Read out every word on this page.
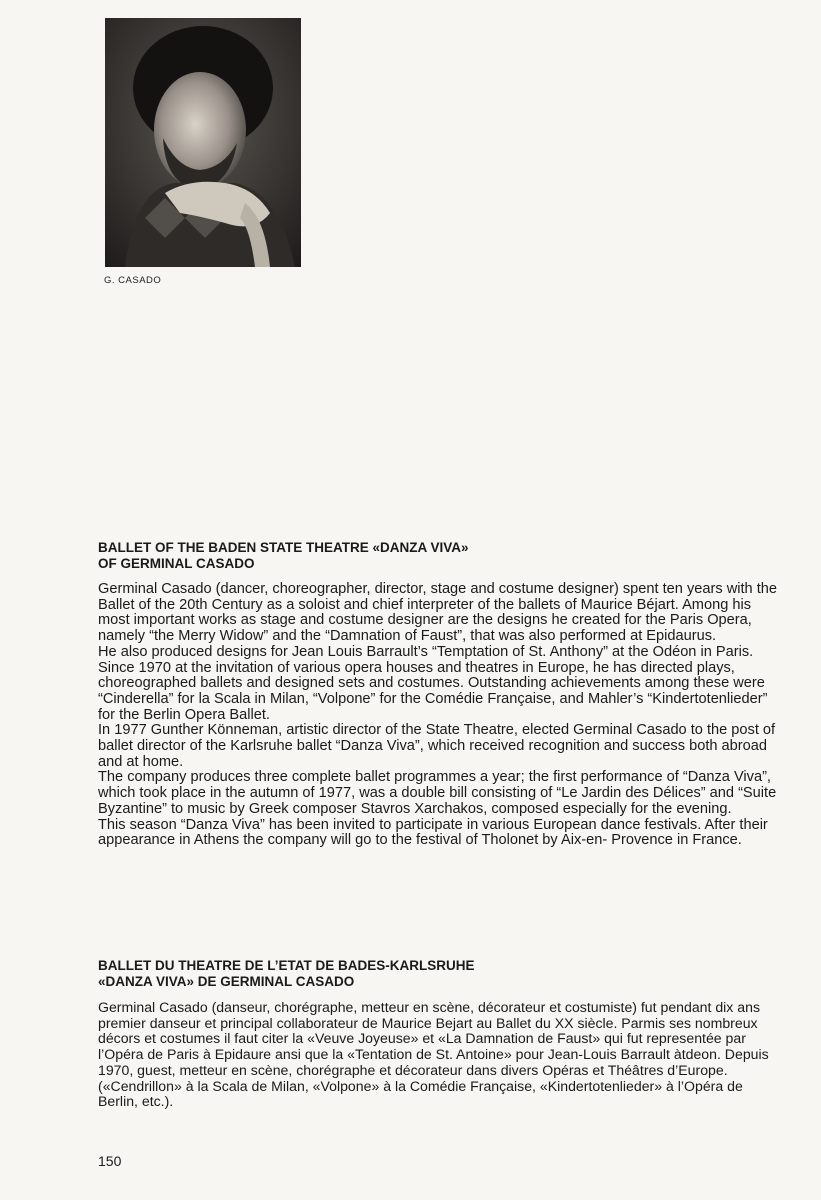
G. CASADO
BALLET OF THE BADEN STATE THEATRE «DANZA VIVA»
OF GERMINAL CASADO

Germinal Casado (dancer, choreographer, director, stage and costume designer) spent ten years with the Ballet of the 20th Century as a soloist and chief interpreter of the ballets of Maurice Béjart. Among his most important works as stage and costume designer are the designs he created for the Paris Opera, namely “the Merry Widow” and the “Damnation of Faust”, that was also performed at Epidaurus.

He also produced designs for Jean Louis Barrault’s “Temptation of St. Anthony” at the Odéon in Paris.

Since 1970 at the invitation of various opera houses and theatres in Europe, he has directed plays, choreographed ballets and designed sets and costumes. Outstanding achievements among these were “Cinderella” for la Scala in Milan, “Volpone” for the Comédie Française, and Mahler’s “Kindertotenlieder” for the Berlin Opera Ballet.

In 1977 Gunther Könneman, artistic director of the State Theatre, elected Germinal Casado to the post of ballet director of the Karlsruhe ballet “Danza Viva”, which received recognition and success both abroad and at home.

The company produces three complete ballet programmes a year; the first performance of “Danza Viva”, which took place in the autumn of 1977, was a double bill consisting of “Le Jardin des Délices” and “Suite Byzantine” to music by Greek composer Stavros Xarchakos, composed especially for the evening.

This season “Danza Viva” has been invited to participate in various European dance festivals. After their appearance in Athens the company will go to the festival of Tholonet by Aix-en- Provence in France.

BALLET DU THEATRE DE L’ETAT DE BADES-KARLSRUHE
«DANZA VIVA» DE GERMINAL CASADO

Germinal Casado (danseur, chorégraphe, metteur en scène, décorateur et costumiste) fut pendant dix ans premier danseur et principal collaborateur de Maurice Bejart au Ballet du XX siècle. Parmis ses nombreux décors et costumes il faut citer la «Veuve Joyeuse» et «La Damnation de Faust» qui fut representée par l’Opéra de Paris à Epidaure ansi que la «Tentation de St. Antoine» pour Jean-Louis Barrault àtdeon. Depuis 1970, guest, metteur en scène, chorégraphe et décorateur dans divers Opéras et Théâtres d’Europe. («Cendrillon» à la Scala de Milan, «Volpone» à la Comédie Française, «Kindertotenlieder» à l’Opéra de Berlin, etc.).

150
